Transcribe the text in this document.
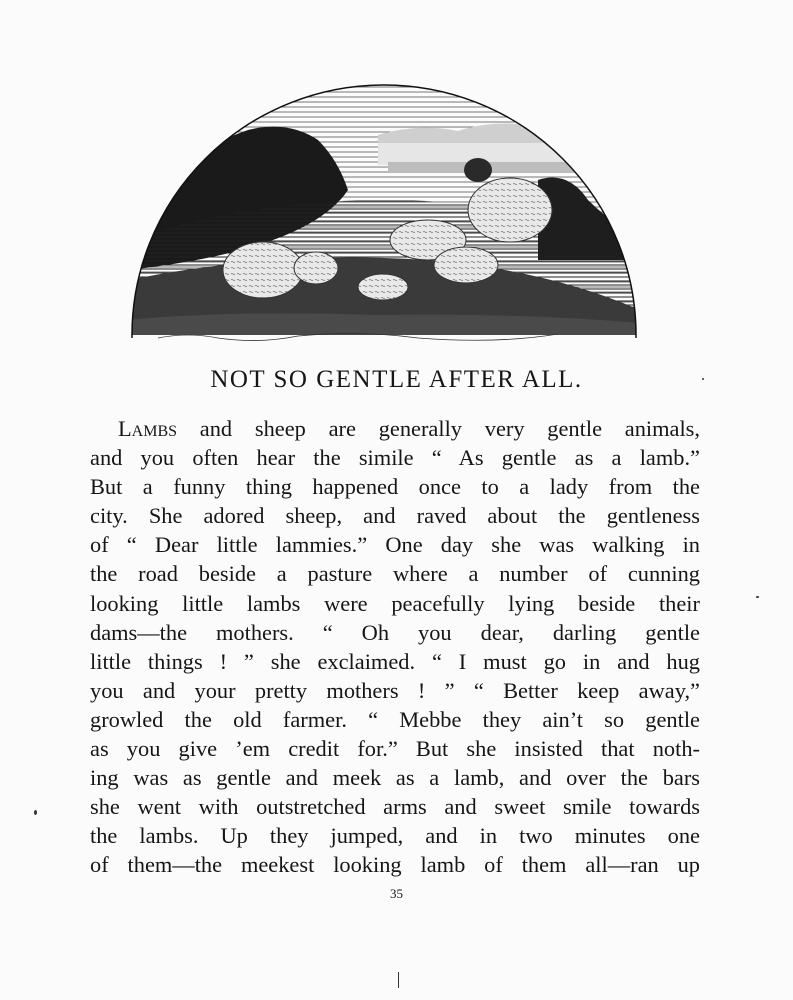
NOT SO GENTLE AFTER ALL.
Lambs and sheep are generally very gentle animals,
and you often hear the simile “ As gentle as a lamb.”
But a funny thing happened once to a lady from the
city. She adored sheep, and raved about the gentleness
of “ Dear little lammies.” One day she was walking in
the road beside a pasture where a number of cunning
looking little lambs were peacefully lying beside their
dams—the mothers. “ Oh you dear, darling gentle
little things ! ” she exclaimed. “ I must go in and hug
you and your pretty mothers ! ” “ Better keep away,”
growled the old farmer. “ Mebbe they ain’t so gentle
as you give ’em credit for.” But she insisted that noth-
ing was as gentle and meek as a lamb, and over the bars
she went with outstretched arms and sweet smile towards
the lambs. Up they jumped, and in two minutes one
of them—the meekest looking lamb of them all—ran up
35
